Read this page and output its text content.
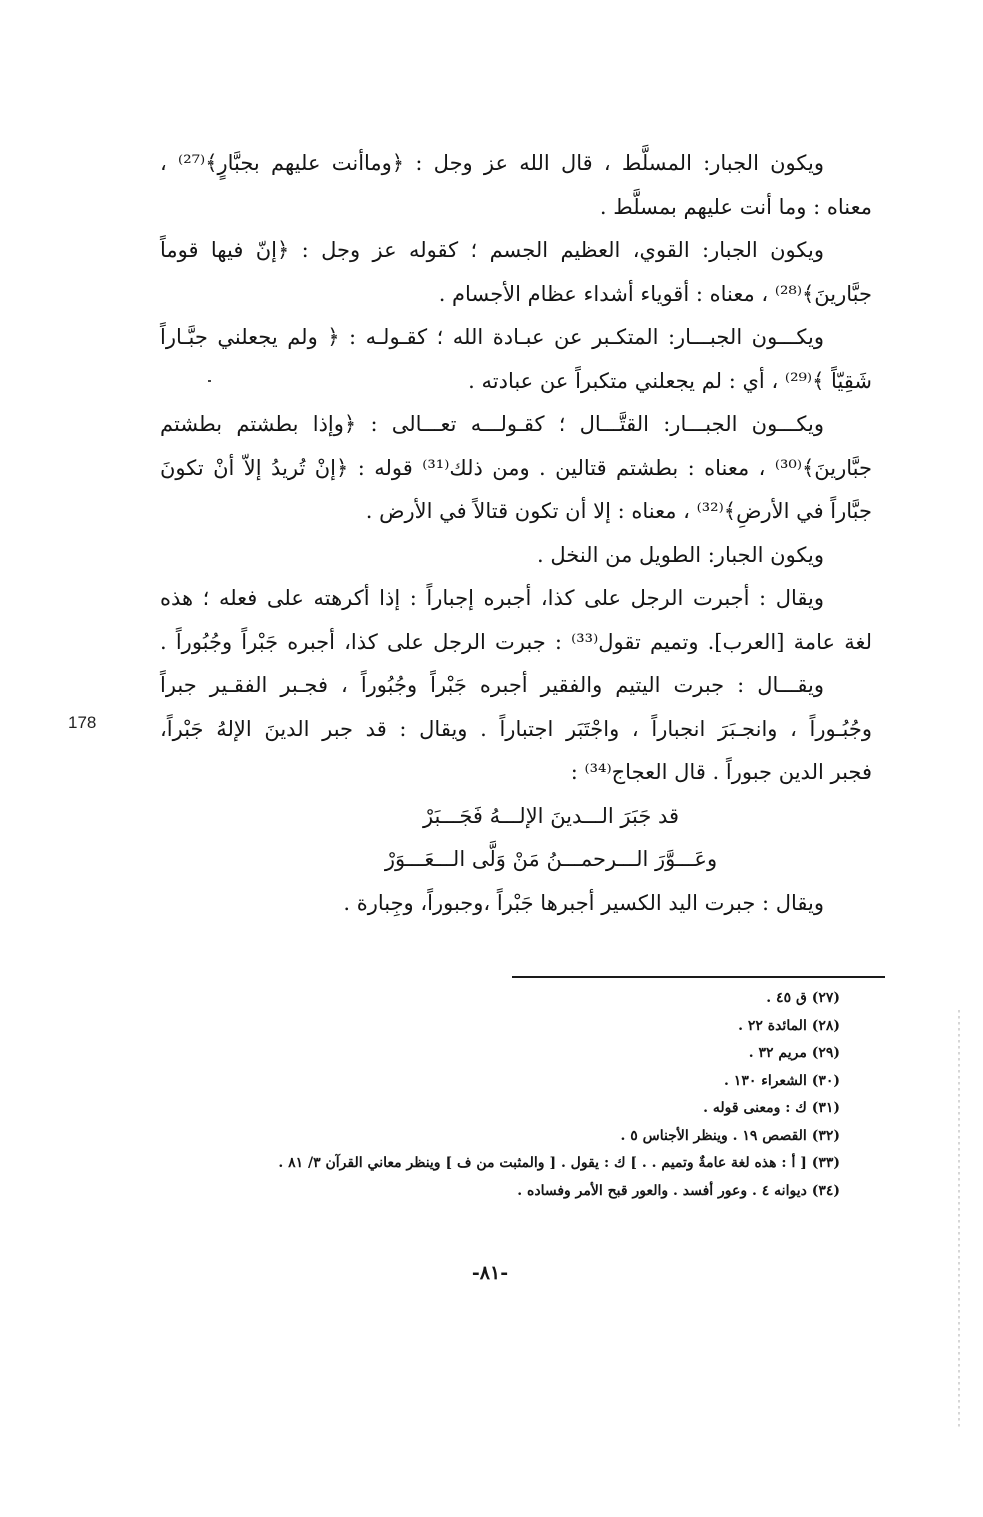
ويكون الجبار: المسلَّط ، قال الله عز وجل : ﴿وماأنت عليهم بجبَّارٍ﴾⁽²⁷⁾ ،
معناه : وما أنت عليهم بمسلَّط .
ويكون الجبار: القوي، العظيم الجسم ؛ كقوله عز وجل : ﴿إنّ فيها قوماً
جبَّارينَ﴾⁽²⁸⁾ ، معناه : أقوياء أشداء عظام الأجسام .
ويكـــون الجبـــار: المتكـبر عن عبـادة الله ؛ كقـولـه : ﴿ ولم يجعلني جبَّـاراً
شَقِيّاً ﴾⁽²⁹⁾ ، أي : لم يجعلني متكبراً عن عبادته .
ويكـــون الجبـــار: القتَّـــال ؛ كقـولـــه تعـــالى : ﴿وإذا بطشتم بطشتم
جبَّارينَ﴾⁽³⁰⁾ ، معناه : بطشتم قتالين . ومن ذلك⁽³¹⁾ قوله : ﴿إنْ تُريدُ إلاّ أنْ تكونَ
جبَّاراً في الأرضِ﴾⁽³²⁾ ، معناه : إلا أن تكون قتالاً في الأرض .
ويكون الجبار: الطويل من النخل .
ويقال : أجبرت الرجل على كذا، أجبره إجباراً : إذا أكرهته على فعله ؛ هذه
لغة عامة [العرب]. وتميم تقول⁽³³⁾ : جبرت الرجل على كذا، أجبره جَبْراً وجُبُوراً .
ويقـــال : جبرت اليتيم والفقير أجبره جَبْراً وجُبُوراً ، فجـبر الفقـير جبراً
وجُبُـوراً ، وانجـبَرَ انجباراً ، واجْتَبَر اجتباراً . ويقال : قد جبر الدينَ الإلهُ جَبْراً،
فجبر الدين جبوراً . قال العجاج⁽³⁴⁾ :
قد جَبَرَ الـــدينَ الإلـــهُ فَجَـــبَرْ
وعَـــوَّرَ الـــرحمـــنُ مَنْ وَلَّى الـــعَـــوَرْ
ويقال : جبرت اليد الكسير أجبرها جَبْراً ،وجبوراً، وجِبارة .
178
(٢٧) ق ٤٥ .
(٢٨) المائدة ٢٢ .
(٢٩) مريم ٣٢ .
(٣٠) الشعراء ١٣٠ .
(٣١) ك : ومعنى قوله .
(٣٢) القصص ١٩ . وينظر الأجناس ٥ .
(٣٣) [ أ : هذه لغة عامةٌ وتميم . . ] ك : يقول . [ والمثبت من ف ] وينظر معاني القرآن ٣/ ٨١ .
(٣٤) ديوانه ٤ . وعور أفسد . والعور قبح الأمر وفساده .
-٨١-
